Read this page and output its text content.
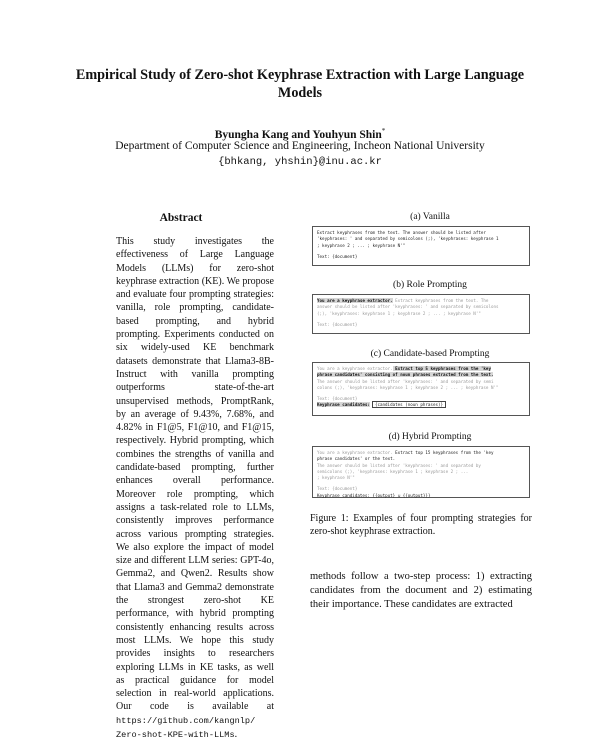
Empirical Study of Zero-shot Keyphrase Extraction with Large Language
Models
Byungha Kang and Youhyun Shin*
Department of Computer Science and Engineering, Incheon National University
{bhkang, yhshin}@inu.ac.kr
Abstract

This study investigates the effectiveness of Large Language Models (LLMs) for zero-shot keyphrase extraction (KE). We propose and evaluate four prompting strategies: vanilla, role prompting, candidate-based prompting, and hybrid prompting. Experiments conducted on six widely-used KE benchmark datasets demonstrate that Llama3-8B-Instruct with vanilla prompting outperforms state-of-the-art unsupervised methods, PromptRank, by an average of 9.43%, 7.68%, and 4.82% in F1@5, F1@10, and F1@15, respectively. Hybrid prompting, which combines the strengths of vanilla and candidate-based prompting, further enhances overall performance. Moreover role prompting, which assigns a task-related role to LLMs, consistently improves performance across various prompting strategies. We also explore the impact of model size and different LLM series: GPT-4o, Gemma2, and Qwen2. Results show that Llama3 and Gemma2 demonstrate the strongest zero-shot KE performance, with hybrid prompting consistently enhancing results across most LLMs. We hope this study provides insights to researchers exploring LLMs in KE tasks, as well as practical guidance for model selection in real-world applications. Our code is available at https://github.com/kangnlp/
Zero-shot-KPE-with-LLMs.

(a) Vanilla
Extract keyphrases from the text. The answer should be listed after
'keyphrases: ' and separated by semicolons (;), 'keyphrases: keyphrase 1
; keyphrase 2 ; ... ; keyphrase N'"
Text: {document}
(b) Role Prompting
You are a keyphrase extractor. Extract keyphrases from the text. The
answer should be listed after 'keyphrases: ' and separated by semicolons
(;), 'keyphrases: keyphrase 1 ; keyphrase 2 ; ... ; keyphrase N'"
Text: {document}
(c) Candidate-based Prompting
You are a keyphrase extractor. Extract top 5 keyphrases from the 'key
phrase candidates' consisting of noun phrases extracted from the text.
The answer should be listed after 'keyphrases: ' and separated by semi
colons (;), 'keyphrases: keyphrase 1 ; keyphrase 2 ; ... ; keyphrase N'"
Text: {document}
Keyphrase candidates: {candidates (noun phrases)}
(d) Hybrid Prompting
You are a keyphrase extractor. Extract top 15 keyphrases from the 'key
phrase candidates' or the text.
The answer should be listed after 'keyphrases: ' and separated by
semicolons (;), 'keyphrases: keyphrase 1 ; keyphrase 2 ; ...
; keyphrase N'"
Text: {document}
Keyphrase candidates: {{output} ∪ {{output}}}
Figure 1: Examples of four prompting strategies for zero-shot keyphrase extraction.
methods follow a two-step process: 1) extracting candidates from the document and 2) estimating their importance. These candidates are extracted
